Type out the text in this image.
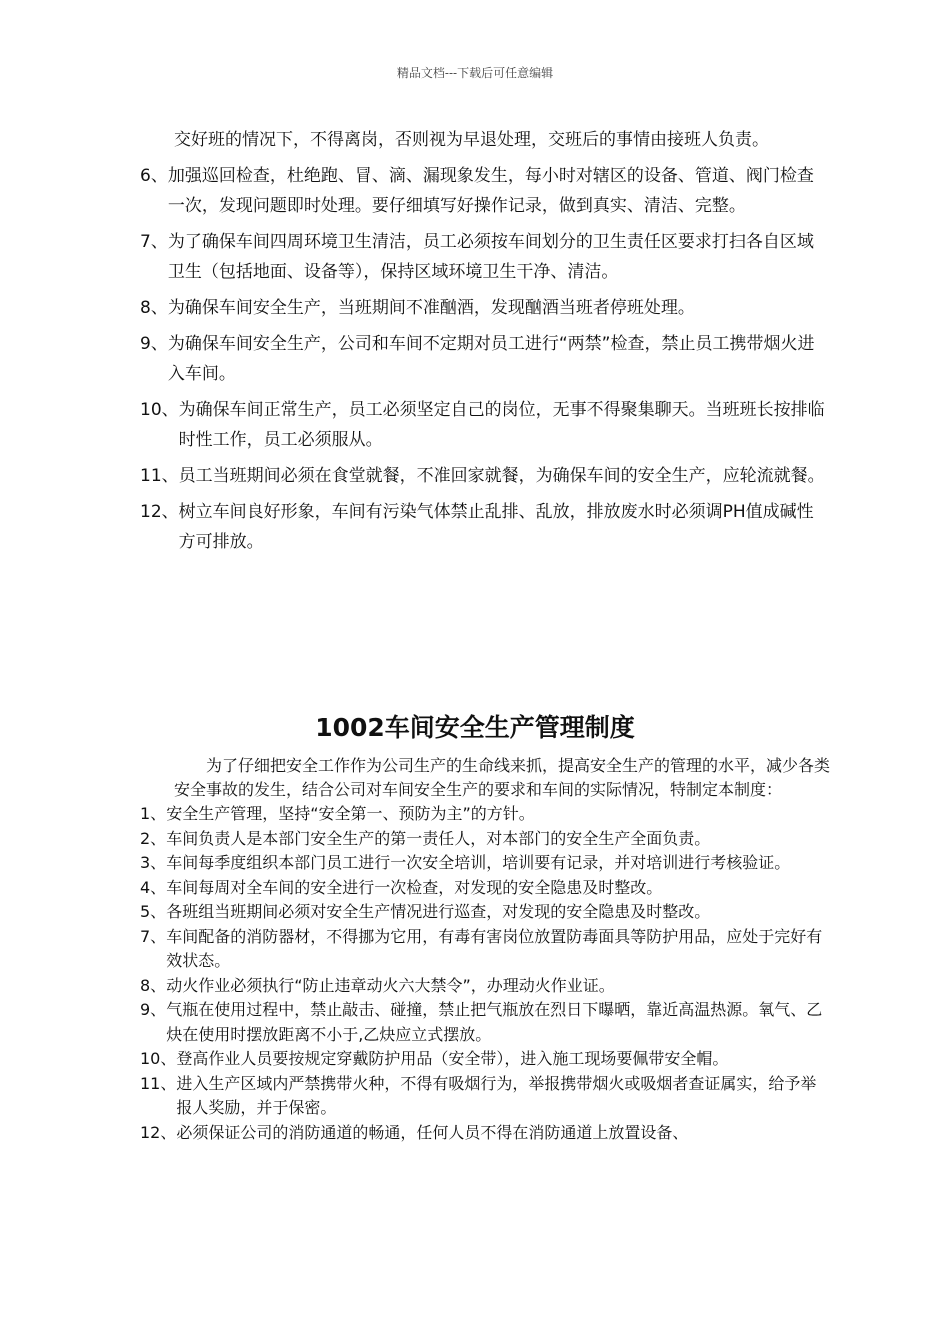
精品文档---下载后可任意编辑

交好班的情况下，不得离岗，否则视为早退处理，交班后的事情由接班人负责。

6、 加强巡回检查，杜绝跑、冒、滴、漏现象发生，每小时对辖区的设备、管道、阀门检查一次，发现问题即时处理。要仔细填写好操作记录，做到真实、清洁、完整。
7、 为了确保车间四周环境卫生清洁，员工必须按车间划分的卫生责任区要求打扫各自区域卫生（包括地面、设备等），保持区域环境卫生干净、清洁。
8、 为确保车间安全生产，当班期间不准酗酒，发现酗酒当班者停班处理。
9、 为确保车间安全生产，公司和车间不定期对员工进行“两禁”检查，禁止员工携带烟火进入车间。
10、 为确保车间正常生产，员工必须坚定自己的岗位，无事不得聚集聊天。当班班长按排临时性工作，员工必须服从。
11、 员工当班期间必须在食堂就餐，不准回家就餐，为确保车间的安全生产，应轮流就餐。
12、 树立车间良好形象，车间有污染气体禁止乱排、乱放，排放废水时必须调PH值成碱性方可排放。
1002车间安全生产管理制度

为了仔细把安全工作作为公司生产的生命线来抓，提高安全生产的管理的水平，减少各类安全事故的发生，结合公司对车间安全生产的要求和车间的实际情况，特制定本制度：

1、 安全生产管理，坚持“安全第一、预防为主”的方针。
2、 车间负责人是本部门安全生产的第一责任人，对本部门的安全生产全面负责。
3、 车间每季度组织本部门员工进行一次安全培训，培训要有记录，并对培训进行考核验证。
4、 车间每周对全车间的安全进行一次检查，对发现的安全隐患及时整改。
5、 各班组当班期间必须对安全生产情况进行巡查，对发现的安全隐患及时整改。
7、 车间配备的消防器材，不得挪为它用，有毒有害岗位放置防毒面具等防护用品，应处于完好有效状态。
8、 动火作业必须执行“防止违章动火六大禁令”，办理动火作业证。
9、 气瓶在使用过程中，禁止敲击、碰撞，禁止把气瓶放在烈日下曝晒，靠近高温热源。氧气、乙炔在使用时摆放距离不小于,乙炔应立式摆放。
10、 登高作业人员要按规定穿戴防护用品（安全带），进入施工现场要佩带安全帽。
11、 进入生产区域内严禁携带火种，不得有吸烟行为，举报携带烟火或吸烟者查证属实，给予举报人奖励，并于保密。
12、 必须保证公司的消防通道的畅通，任何人员不得在消防通道上放置设备、
